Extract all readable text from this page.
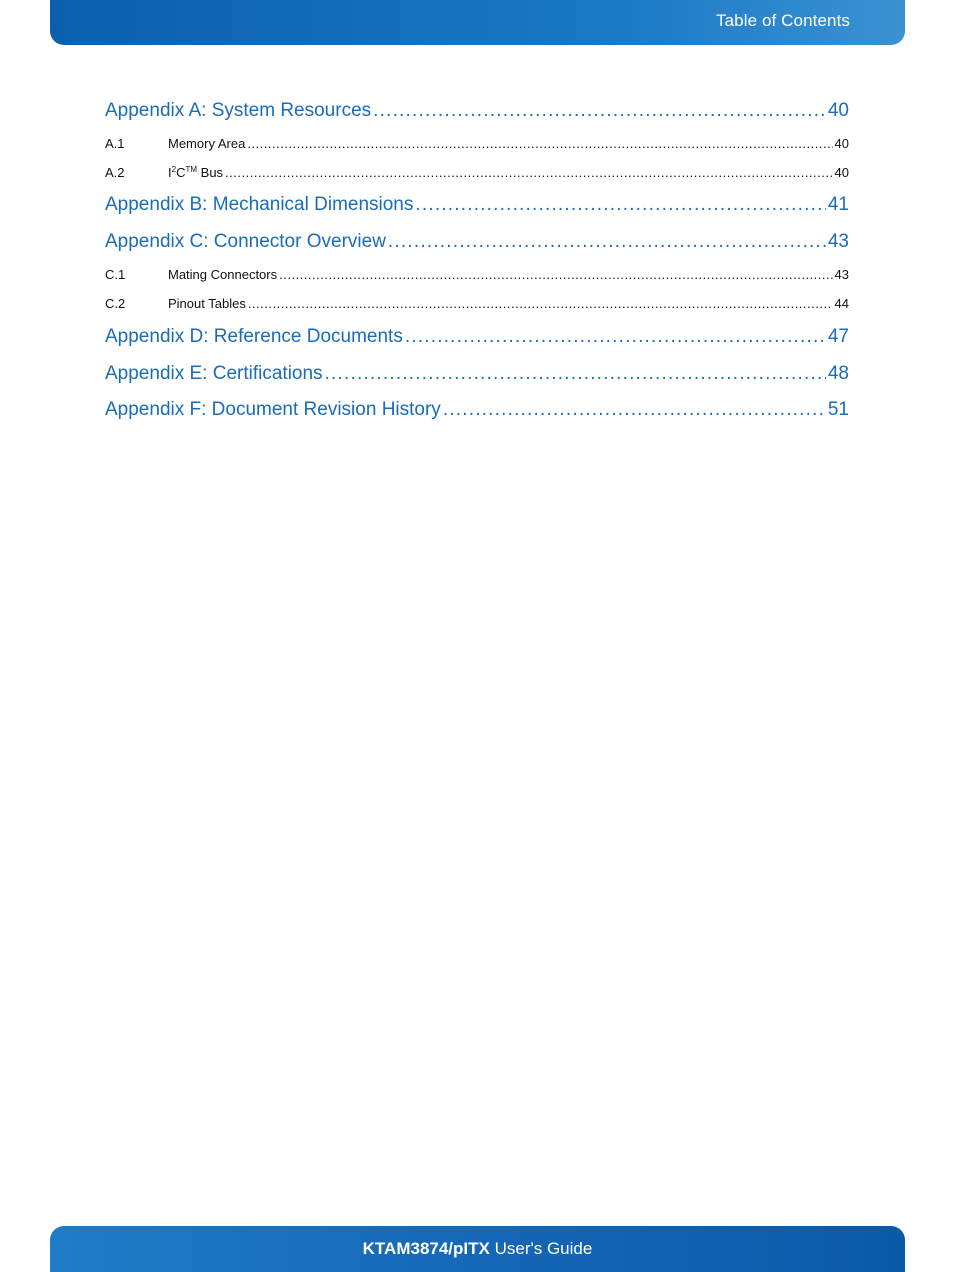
Table of Contents
Appendix A: System Resources .....	40
A.1	Memory Area .....	40
A.2	$I^2C™$ Bus .....	40
Appendix B: Mechanical Dimensions .....	41
Appendix C: Connector Overview .....	43
C.1	Mating Connectors .....	43
C.2	Pinout Tables .....	44
Appendix D: Reference Documents .....	47
Appendix E: Certifications .....	48
Appendix F: Document Revision History .....	51
KTAM3874/pITX User's Guide
